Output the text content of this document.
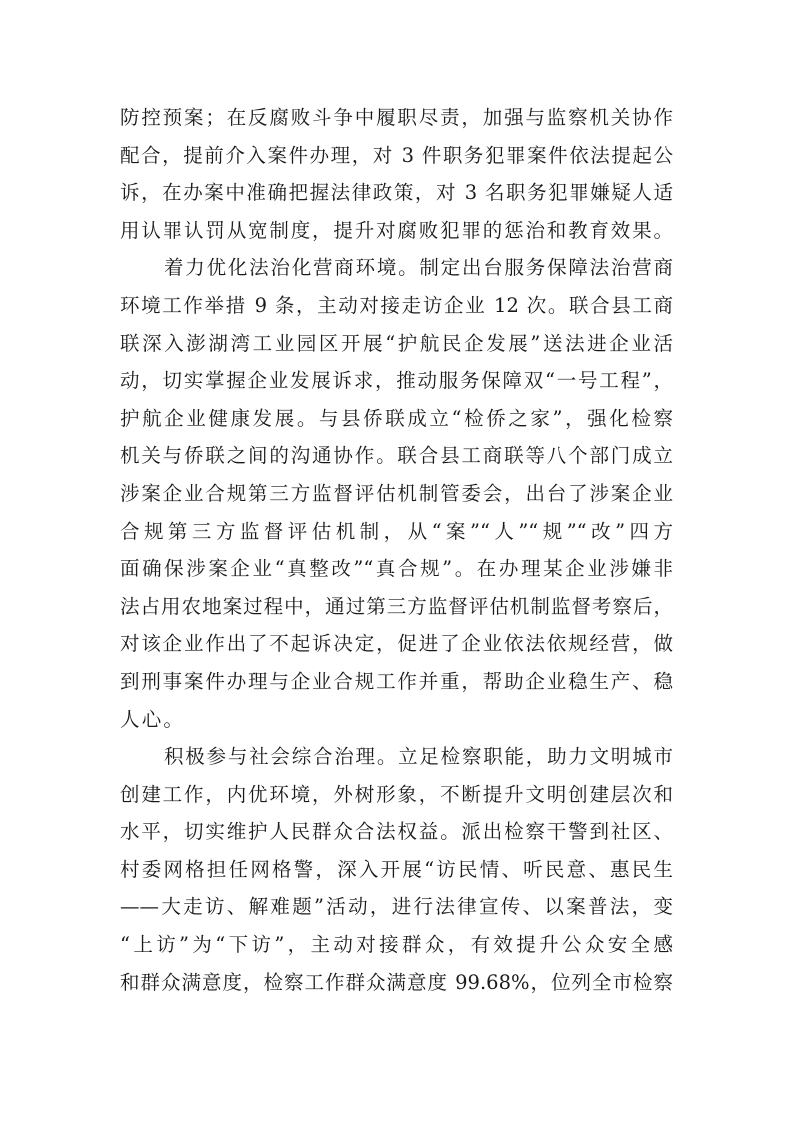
防控预案；在反腐败斗争中履职尽责，加强与监察机关协作
配合，提前介入案件办理，对 3 件职务犯罪案件依法提起公
诉，在办案中准确把握法律政策，对 3 名职务犯罪嫌疑人适
用认罪认罚从宽制度，提升对腐败犯罪的惩治和教育效果。
着力优化法治化营商环境。制定出台服务保障法治营商
环境工作举措 9 条，主动对接走访企业 12 次。联合县工商
联深入澎湖湾工业园区开展“护航民企发展”送法进企业活
动，切实掌握企业发展诉求，推动服务保障双“一号工程”，
护航企业健康发展。与县侨联成立“检侨之家”，强化检察
机关与侨联之间的沟通协作。联合县工商联等八个部门成立
涉案企业合规第三方监督评估机制管委会，出台了涉案企业
合规第三方监督评估机制，从“案”“人”“规”“改”四方
面确保涉案企业“真整改”“真合规”。在办理某企业涉嫌非
法占用农地案过程中，通过第三方监督评估机制监督考察后，
对该企业作出了不起诉决定，促进了企业依法依规经营，做
到刑事案件办理与企业合规工作并重，帮助企业稳生产、稳
人心。
积极参与社会综合治理。立足检察职能，助力文明城市
创建工作，内优环境，外树形象，不断提升文明创建层次和
水平，切实维护人民群众合法权益。派出检察干警到社区、
村委网格担任网格警，深入开展“访民情、听民意、惠民生
——大走访、解难题”活动，进行法律宣传、以案普法，变
“上访”为“下访”，主动对接群众，有效提升公众安全感
和群众满意度，检察工作群众满意度 99.68%，位列全市检察
